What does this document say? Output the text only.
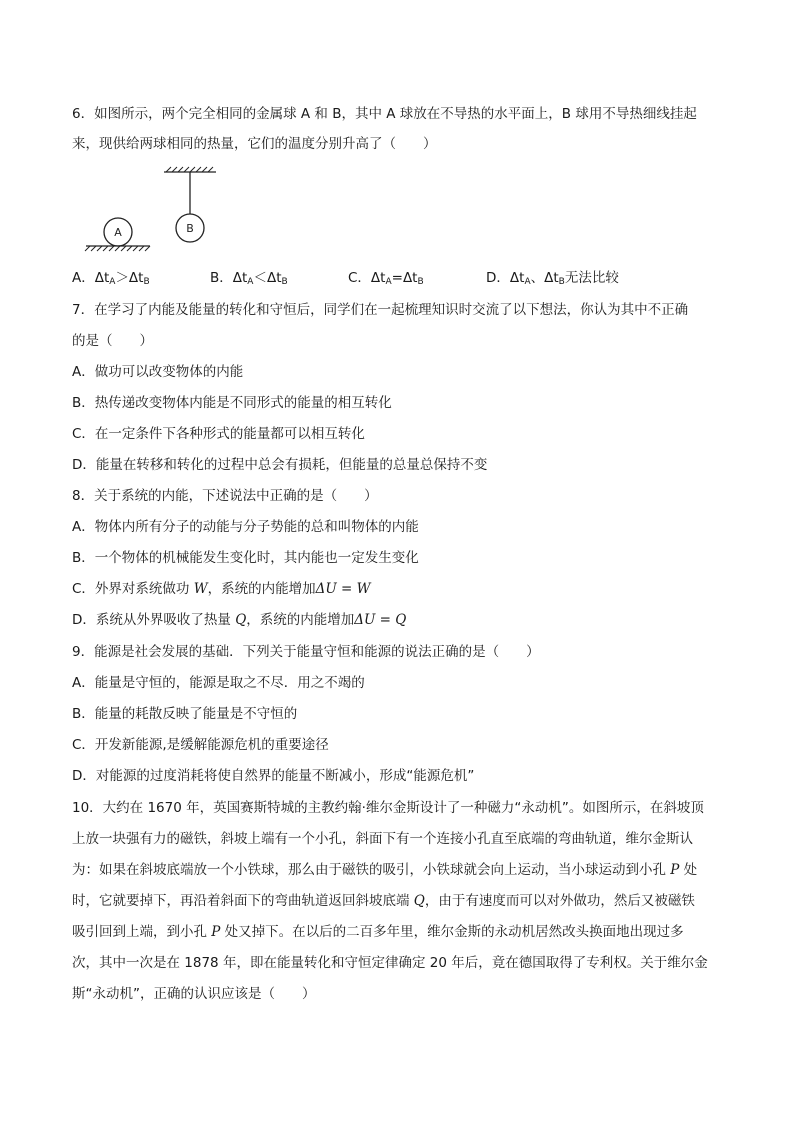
6．如图所示，两个完全相同的金属球 A 和 B，其中 A 球放在不导热的水平面上，B 球用不导热细线挂起
来，现供给两球相同的热量，它们的温度分别升高了（　　）
A	B
A．$\Delta t_A>\Delta t_B$	B．$\Delta t_A<\Delta t_B$	C．$\Delta t_A=\Delta t_B$	D．$\Delta t_A$、$\Delta t_B$无法比较
7．在学习了内能及能量的转化和守恒后，同学们在一起梳理知识时交流了以下想法，你认为其中不正确
的是（　　）
A．做功可以改变物体的内能
B．热传递改变物体内能是不同形式的能量的相互转化
C．在一定条件下各种形式的能量都可以相互转化
D．能量在转移和转化的过程中总会有损耗，但能量的总量总保持不变
8．关于系统的内能，下述说法中正确的是（　　）
A．物体内所有分子的动能与分子势能的总和叫物体的内能
B．一个物体的机械能发生变化时，其内能也一定发生变化
C．外界对系统做功 W，系统的内能增加ΔU = W
D．系统从外界吸收了热量 Q，系统的内能增加ΔU = Q
9．能源是社会发展的基础．下列关于能量守恒和能源的说法正确的是（　　）
A．能量是守恒的，能源是取之不尽．用之不竭的
B．能量的耗散反映了能量是不守恒的
C．开发新能源,是缓解能源危机的重要途径
D．对能源的过度消耗将使自然界的能量不断减小，形成“能源危机”
10．大约在 1670 年，英国赛斯特城的主教约翰·维尔金斯设计了一种磁力“永动机”。如图所示，在斜坡顶
上放一块强有力的磁铁，斜坡上端有一个小孔，斜面下有一个连接小孔直至底端的弯曲轨道，维尔金斯认
为：如果在斜坡底端放一个小铁球，那么由于磁铁的吸引，小铁球就会向上运动，当小球运动到小孔 P 处
时，它就要掉下，再沿着斜面下的弯曲轨道返回斜坡底端 Q，由于有速度而可以对外做功，然后又被磁铁
吸引回到上端，到小孔 P 处又掉下。在以后的二百多年里，维尔金斯的永动机居然改头换面地出现过多
次，其中一次是在 1878 年，即在能量转化和守恒定律确定 20 年后，竟在德国取得了专利权。关于维尔金
斯“永动机”，正确的认识应该是（　　）
